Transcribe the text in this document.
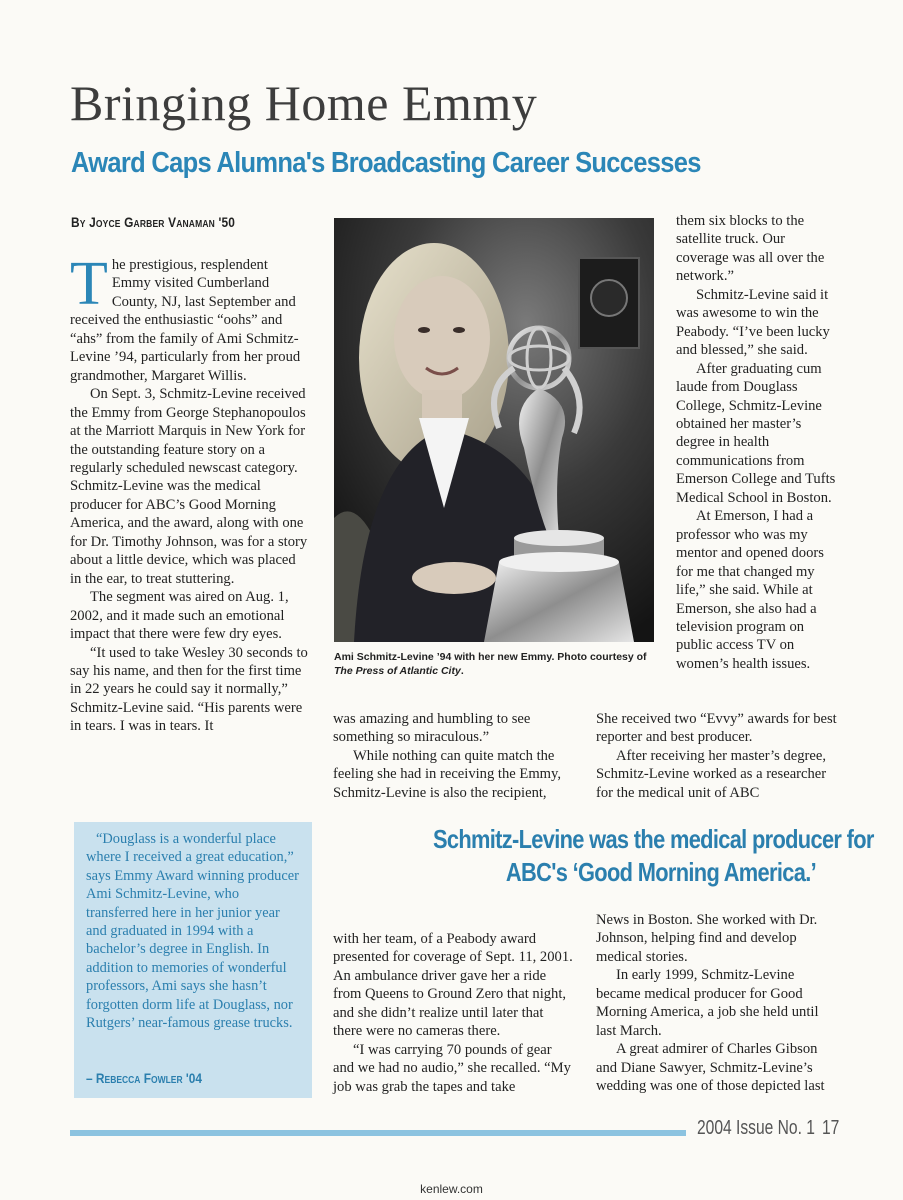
Bringing Home Emmy
Award Caps Alumna's Broadcasting Career Successes
By Joyce Garber Vanaman '50

The prestigious, resplendent Emmy visited Cumberland County, NJ, last September and received the enthusiastic “oohs” and “ahs” from the family of Ami Schmitz-Levine ’94, particularly from her proud grandmother, Margaret Willis.

On Sept. 3, Schmitz-Levine received the Emmy from George Stephanopoulos at the Marriott Marquis in New York for the outstanding feature story on a regularly scheduled newscast category. Schmitz-Levine was the medical producer for ABC’s Good Morning America, and the award, along with one for Dr. Timothy Johnson, was for a story about a little device, which was placed in the ear, to treat stuttering.

The segment was aired on Aug. 1, 2002, and it made such an emotional impact that there were few dry eyes.

“It used to take Wesley 30 seconds to say his name, and then for the first time in 22 years he could say it normally,” Schmitz-Levine said. “His parents were in tears. I was in tears. It

Ami Schmitz-Levine ’94 with her new Emmy. Photo courtesy of The Press of Atlantic City.

was amazing and humbling to see something so miraculous.”

While nothing can quite match the feeling she had in receiving the Emmy, Schmitz-Levine is also the recipient,

them six blocks to the satellite truck. Our coverage was all over the network.”

Schmitz-Levine said it was awesome to win the Peabody. “I’ve been lucky and blessed,” she said.

After graduating cum laude from Douglass College, Schmitz-Levine obtained her master’s degree in health communications from Emerson College and Tufts Medical School in Boston.

At Emerson, I had a professor who was my mentor and opened doors for me that changed my life,” she said. While at Emerson, she also had a television program on public access TV on women’s health issues.

She received two “Evvy” awards for best reporter and best producer.

After receiving her master’s degree, Schmitz-Levine worked as a researcher for the medical unit of ABC

“Douglass is a wonderful place where I received a great education,” says Emmy Award winning producer Ami Schmitz-Levine, who transferred here in her junior year and graduated in 1994 with a bachelor’s degree in English. In addition to memories of wonderful professors, Ami says she hasn’t forgotten dorm life at Douglass, nor Rutgers’ near-famous grease trucks.

– Rebecca Fowler '04
Schmitz-Levine was the medical producer for
ABC's ‘Good Morning America.’

with her team, of a Peabody award presented for coverage of Sept. 11, 2001. An ambulance driver gave her a ride from Queens to Ground Zero that night, and she didn’t realize until later that there were no cameras there.

“I was carrying 70 pounds of gear and we had no audio,” she recalled. “My job was grab the tapes and take

News in Boston. She worked with Dr. Johnson, helping find and develop medical stories.

In early 1999, Schmitz-Levine became medical producer for Good Morning America, a job she held until last March.

A great admirer of Charles Gibson and Diane Sawyer, Schmitz-Levine’s wedding was one of those depicted last

2004 Issue No. 1 17
kenlew.com
